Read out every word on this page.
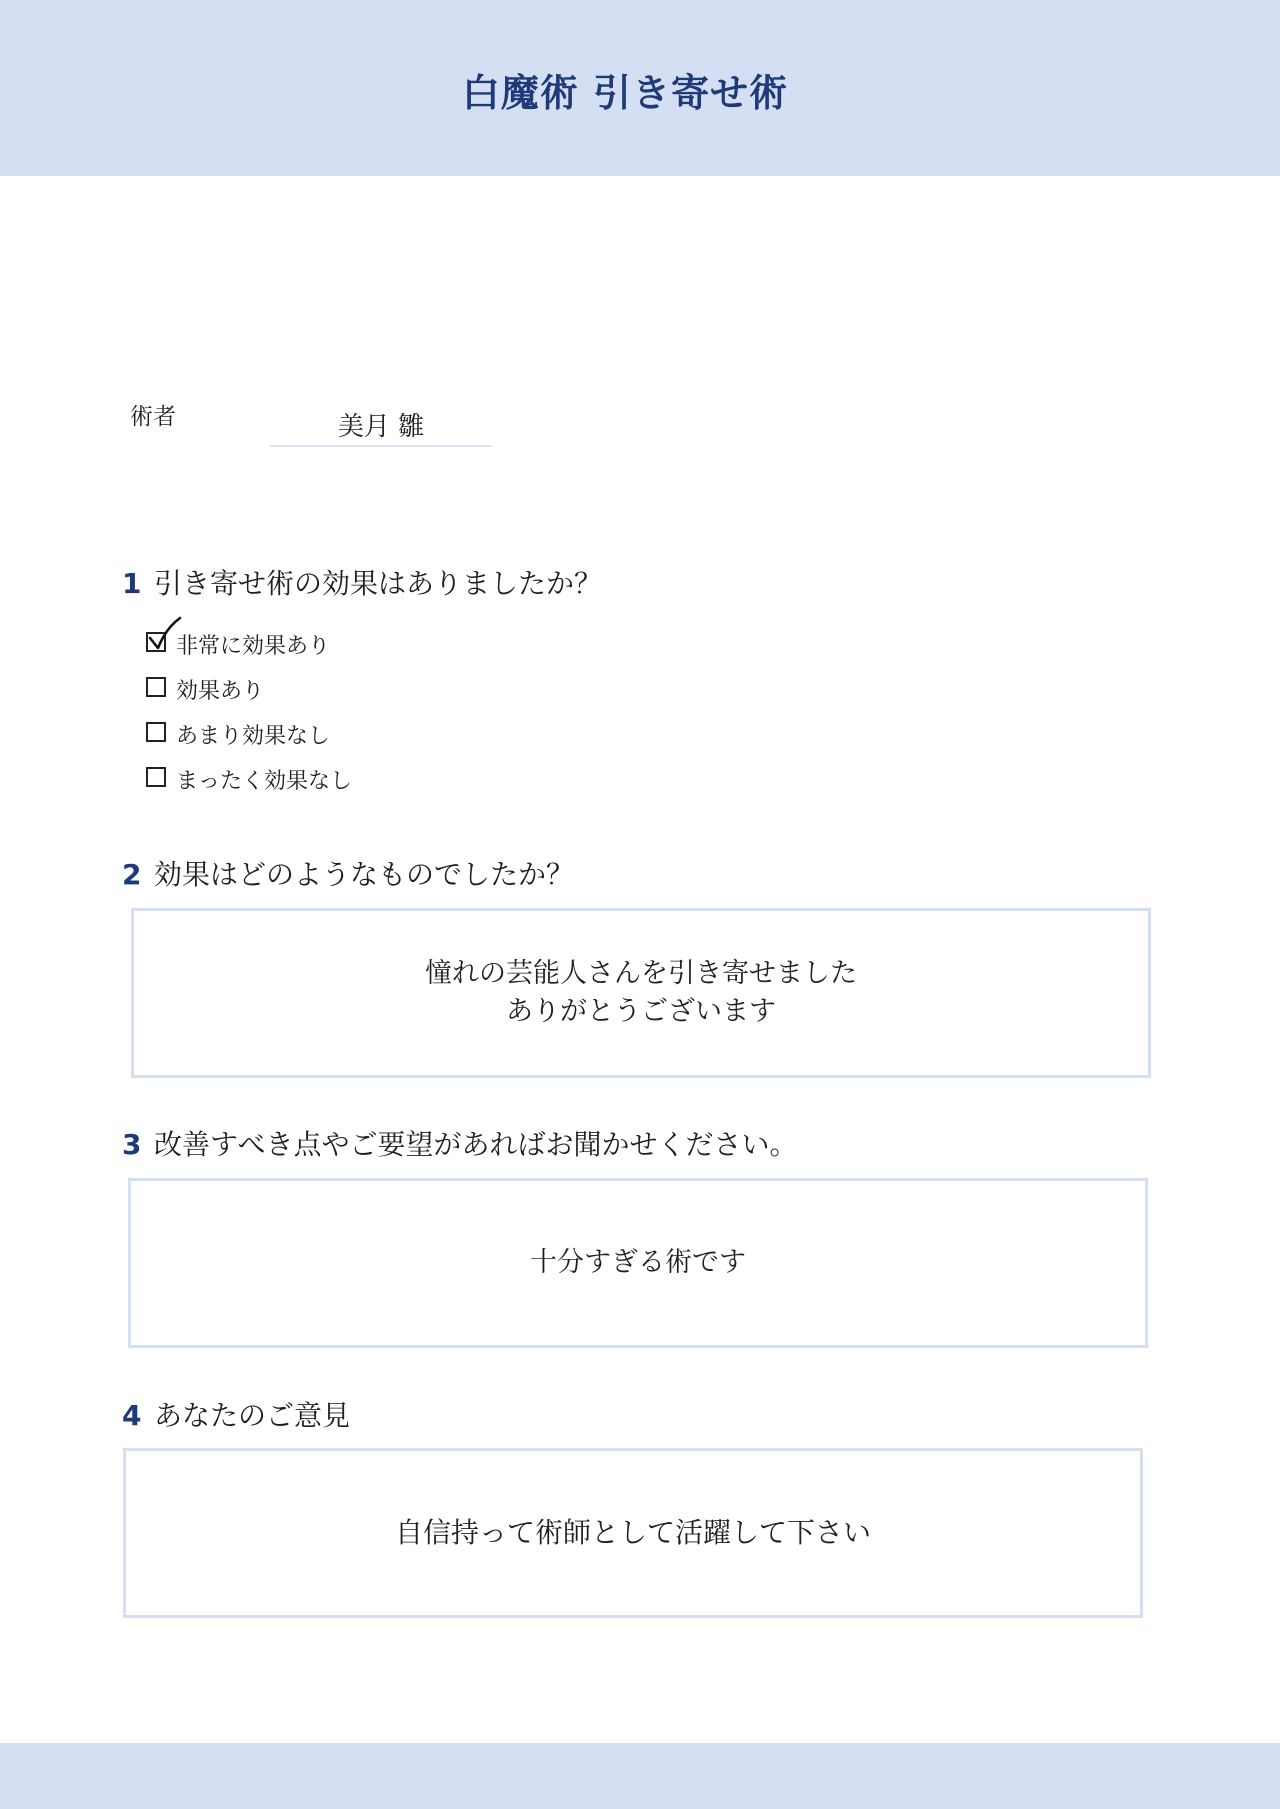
白魔術 引き寄せ術
術者	美月 雛
1 引き寄せ術の効果はありましたか？
非常に効果あり
効果あり
あまり効果なし
まったく効果なし
2 効果はどのようなものでしたか？
憧れの芸能人さんを引き寄せました
ありがとうございます
3 改善すべき点やご要望があればお聞かせください。
十分すぎる術です
4 あなたのご意見
自信持って術師として活躍して下さい
